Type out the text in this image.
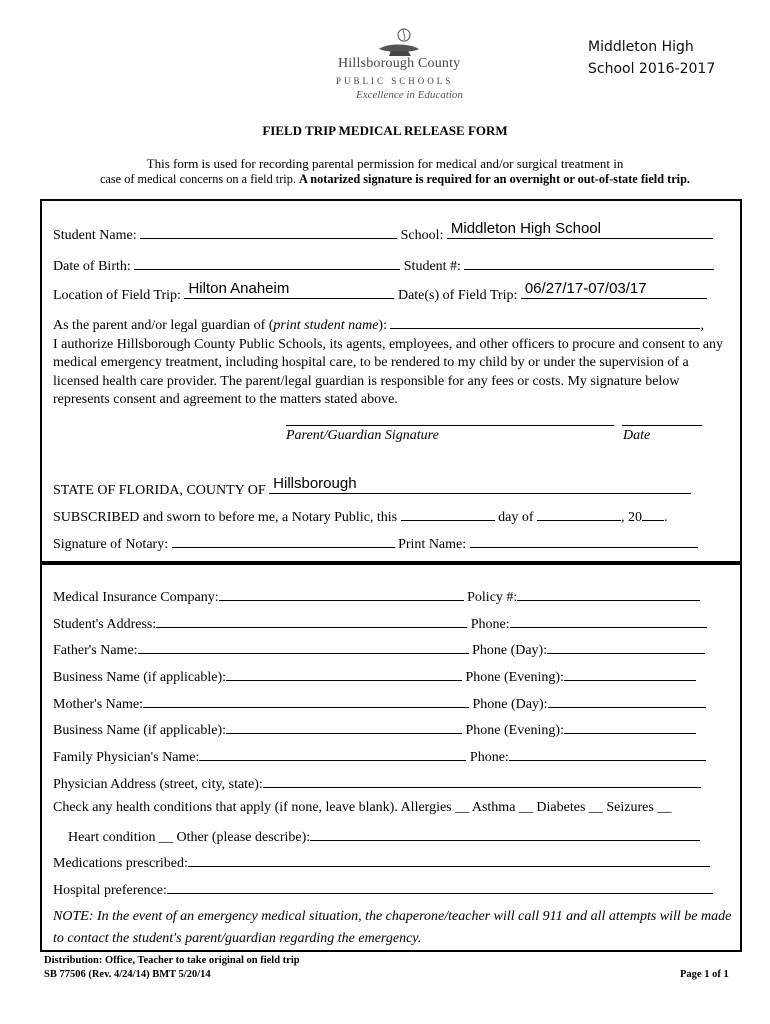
Hillsborough County
PUBLIC SCHOOLS
Excellence in Education
Middleton High
School 2016-2017
FIELD TRIP MEDICAL RELEASE FORM
This form is used for recording parental permission for medical and/or surgical treatment in
case of medical concerns on a field trip. A notarized signature is required for an overnight or out-of-state field trip.
Student Name:	School: Middleton High School
Date of Birth:	Student #:
Location of Field Trip: Hilton Anaheim	Date(s) of Field Trip: 06/27/17-07/03/17
As the parent and/or legal guardian of (print student name):	,
I authorize Hillsborough County Public Schools, its agents, employees, and other officers to procure and consent to any medical emergency treatment, including hospital care, to be rendered to my child by or under the supervision of a licensed health care provider. The parent/legal guardian is responsible for any fees or costs. My signature below represents consent and agreement to the matters stated above.
Parent/Guardian Signature	Date
STATE OF FLORIDA, COUNTY OF Hillsborough
SUBSCRIBED and sworn to before me, a Notary Public, this	day of	, 20 .
Signature of Notary:	Print Name:
Medical Insurance Company:	Policy #:
Student's Address:	Phone:
Father's Name:	Phone (Day):
Business Name (if applicable):	Phone (Evening):
Mother's Name:	Phone (Day):
Business Name (if applicable):	Phone (Evening):
Family Physician's Name:	Phone:
Physician Address (street, city, state):
Check any health conditions that apply (if none, leave blank). Allergies __ Asthma __ Diabetes __ Seizures __
Heart condition __ Other (please describe):
Medications prescribed:
Hospital preference:
NOTE: In the event of an emergency medical situation, the chaperone/teacher will call 911 and all attempts will be made to contact the student's parent/guardian regarding the emergency.
Distribution: Office, Teacher to take original on field trip
SB 77506 (Rev. 4/24/14) BMT 5/20/14	Page 1 of 1
